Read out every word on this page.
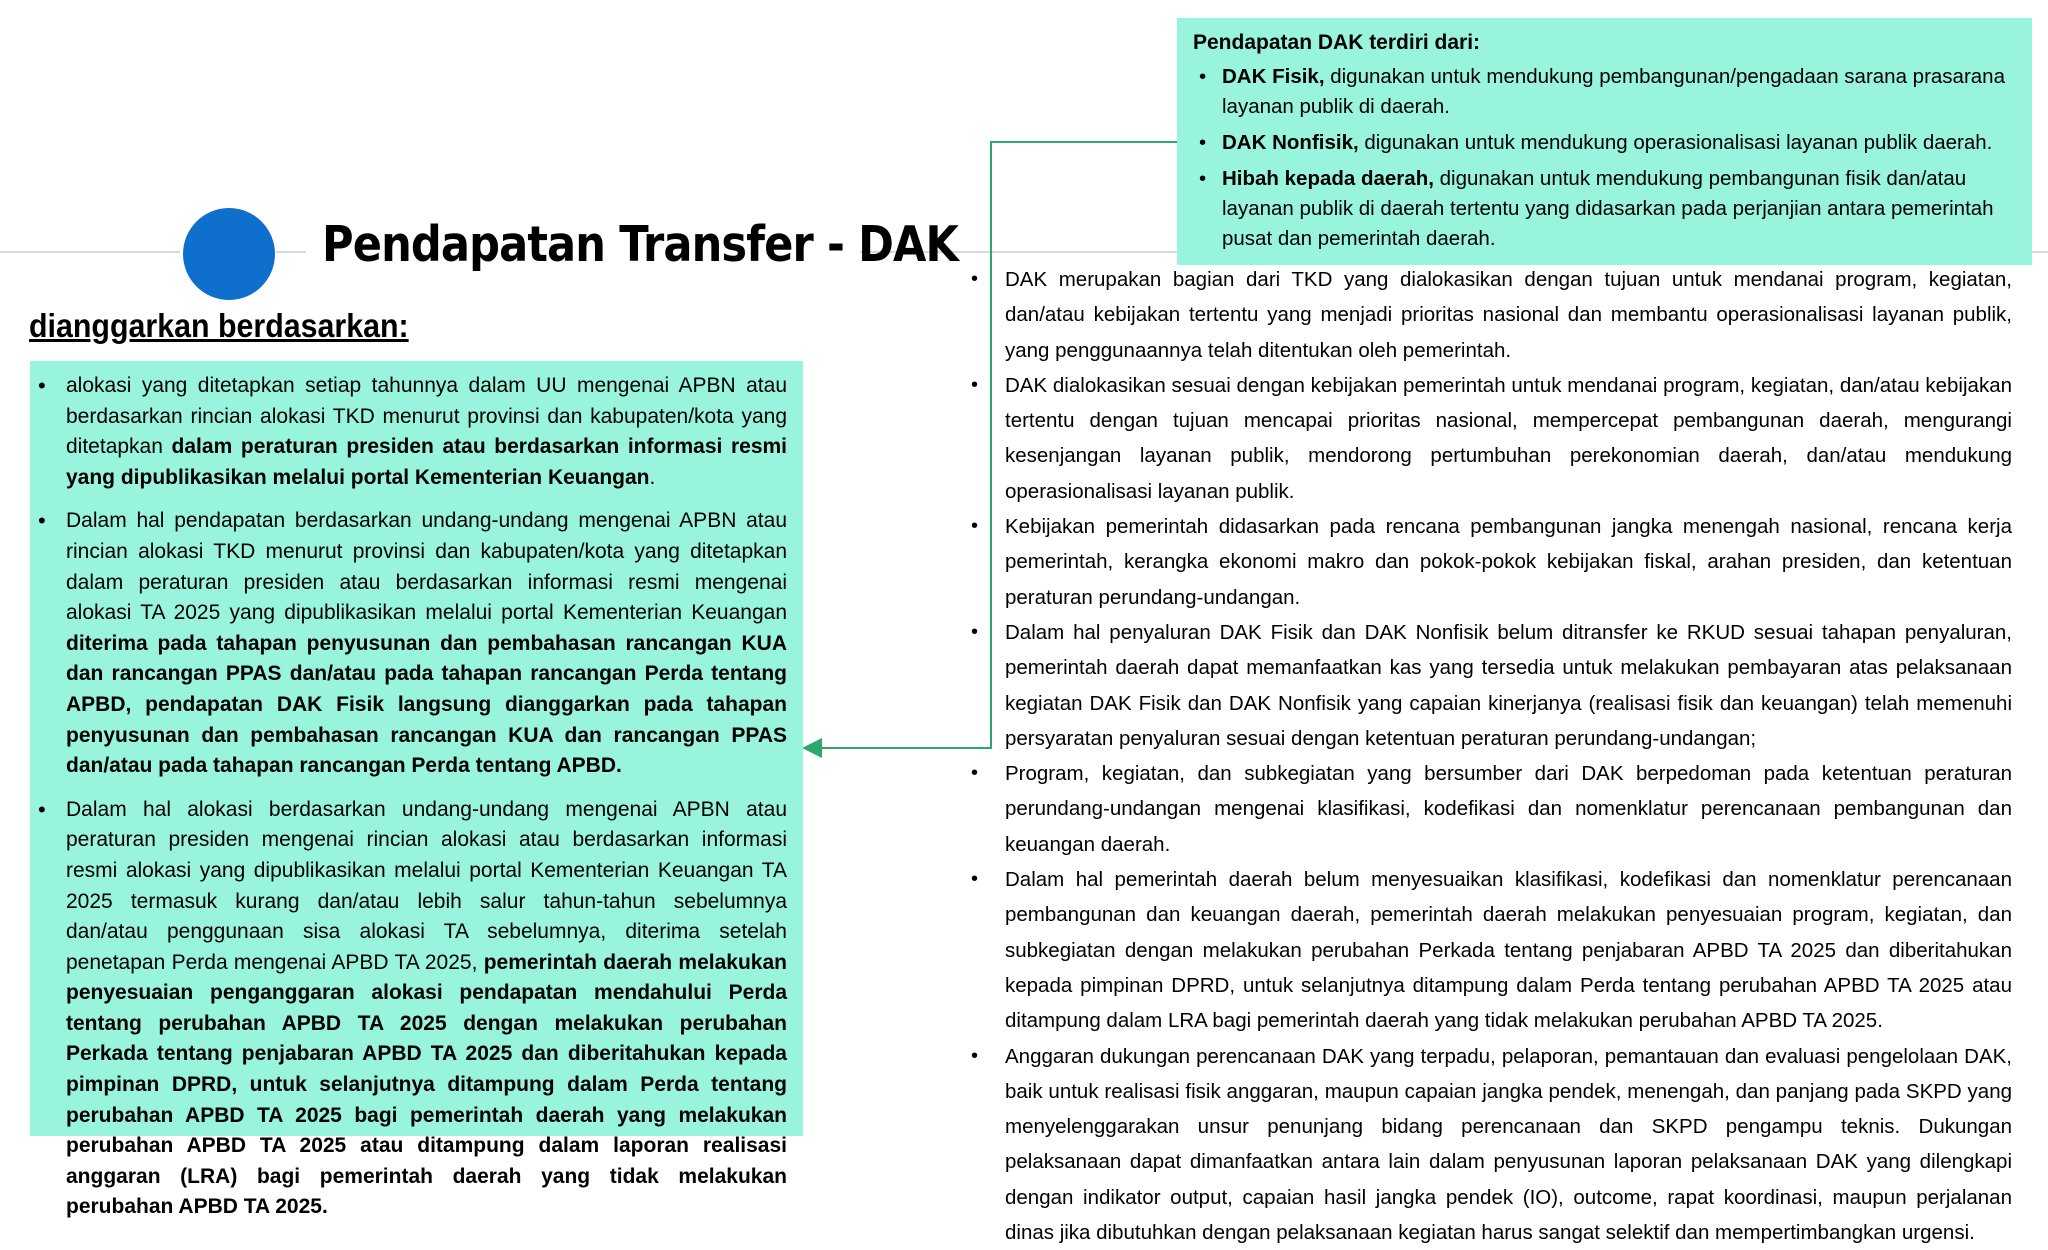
Pendapatan Transfer - DAK
dianggarkan berdasarkan:
• alokasi yang ditetapkan setiap tahunnya dalam UU mengenai APBN atau berdasarkan rincian alokasi TKD menurut provinsi dan kabupaten/kota yang ditetapkan dalam peraturan presiden atau berdasarkan informasi resmi yang dipublikasikan melalui portal Kementerian Keuangan.
• Dalam hal pendapatan berdasarkan undang-undang mengenai APBN atau rincian alokasi TKD menurut provinsi dan kabupaten/kota yang ditetapkan dalam peraturan presiden atau berdasarkan informasi resmi mengenai alokasi TA 2025 yang dipublikasikan melalui portal Kementerian Keuangan diterima pada tahapan penyusunan dan pembahasan rancangan KUA dan rancangan PPAS dan/atau pada tahapan rancangan Perda tentang APBD, pendapatan DAK Fisik langsung dianggarkan pada tahapan penyusunan dan pembahasan rancangan KUA dan rancangan PPAS dan/atau pada tahapan rancangan Perda tentang APBD.
• Dalam hal alokasi berdasarkan undang-undang mengenai APBN atau peraturan presiden mengenai rincian alokasi atau berdasarkan informasi resmi alokasi yang dipublikasikan melalui portal Kementerian Keuangan TA 2025 termasuk kurang dan/atau lebih salur tahun-tahun sebelumnya dan/atau penggunaan sisa alokasi TA sebelumnya, diterima setelah penetapan Perda mengenai APBD TA 2025, pemerintah daerah melakukan penyesuaian penganggaran alokasi pendapatan mendahului Perda tentang perubahan APBD TA 2025 dengan melakukan perubahan Perkada tentang penjabaran APBD TA 2025 dan diberitahukan kepada pimpinan DPRD, untuk selanjutnya ditampung dalam Perda tentang perubahan APBD TA 2025 bagi pemerintah daerah yang melakukan perubahan APBD TA 2025 atau ditampung dalam laporan realisasi anggaran (LRA) bagi pemerintah daerah yang tidak melakukan perubahan APBD TA 2025.
Pendapatan DAK terdiri dari:
• DAK Fisik, digunakan untuk mendukung pembangunan/pengadaan sarana prasarana layanan publik di daerah.
• DAK Nonfisik, digunakan untuk mendukung operasionalisasi layanan publik daerah.
• Hibah kepada daerah, digunakan untuk mendukung pembangunan fisik dan/atau layanan publik di daerah tertentu yang didasarkan pada perjanjian antara pemerintah pusat dan pemerintah daerah.
• DAK merupakan bagian dari TKD yang dialokasikan dengan tujuan untuk mendanai program, kegiatan, dan/atau kebijakan tertentu yang menjadi prioritas nasional dan membantu operasionalisasi layanan publik, yang penggunaannya telah ditentukan oleh pemerintah.
• DAK dialokasikan sesuai dengan kebijakan pemerintah untuk mendanai program, kegiatan, dan/atau kebijakan tertentu dengan tujuan mencapai prioritas nasional, mempercepat pembangunan daerah, mengurangi kesenjangan layanan publik, mendorong pertumbuhan perekonomian daerah, dan/atau mendukung operasionalisasi layanan publik.
• Kebijakan pemerintah didasarkan pada rencana pembangunan jangka menengah nasional, rencana kerja pemerintah, kerangka ekonomi makro dan pokok-pokok kebijakan fiskal, arahan presiden, dan ketentuan peraturan perundang-undangan.
• Dalam hal penyaluran DAK Fisik dan DAK Nonfisik belum ditransfer ke RKUD sesuai tahapan penyaluran, pemerintah daerah dapat memanfaatkan kas yang tersedia untuk melakukan pembayaran atas pelaksanaan kegiatan DAK Fisik dan DAK Nonfisik yang capaian kinerjanya (realisasi fisik dan keuangan) telah memenuhi persyaratan penyaluran sesuai dengan ketentuan peraturan perundang-undangan;
• Program, kegiatan, dan subkegiatan yang bersumber dari DAK berpedoman pada ketentuan peraturan perundang-undangan mengenai klasifikasi, kodefikasi dan nomenklatur perencanaan pembangunan dan keuangan daerah.
• Dalam hal pemerintah daerah belum menyesuaikan klasifikasi, kodefikasi dan nomenklatur perencanaan pembangunan dan keuangan daerah, pemerintah daerah melakukan penyesuaian program, kegiatan, dan subkegiatan dengan melakukan perubahan Perkada tentang penjabaran APBD TA 2025 dan diberitahukan kepada pimpinan DPRD, untuk selanjutnya ditampung dalam Perda tentang perubahan APBD TA 2025 atau ditampung dalam LRA bagi pemerintah daerah yang tidak melakukan perubahan APBD TA 2025.
• Anggaran dukungan perencanaan DAK yang terpadu, pelaporan, pemantauan dan evaluasi pengelolaan DAK, baik untuk realisasi fisik anggaran, maupun capaian jangka pendek, menengah, dan panjang pada SKPD yang menyelenggarakan unsur penunjang bidang perencanaan dan SKPD pengampu teknis. Dukungan pelaksanaan dapat dimanfaatkan antara lain dalam penyusunan laporan pelaksanaan DAK yang dilengkapi dengan indikator output, capaian hasil jangka pendek (IO), outcome, rapat koordinasi, maupun perjalanan dinas jika dibutuhkan dengan pelaksanaan kegiatan harus sangat selektif dan mempertimbangkan urgensi.
